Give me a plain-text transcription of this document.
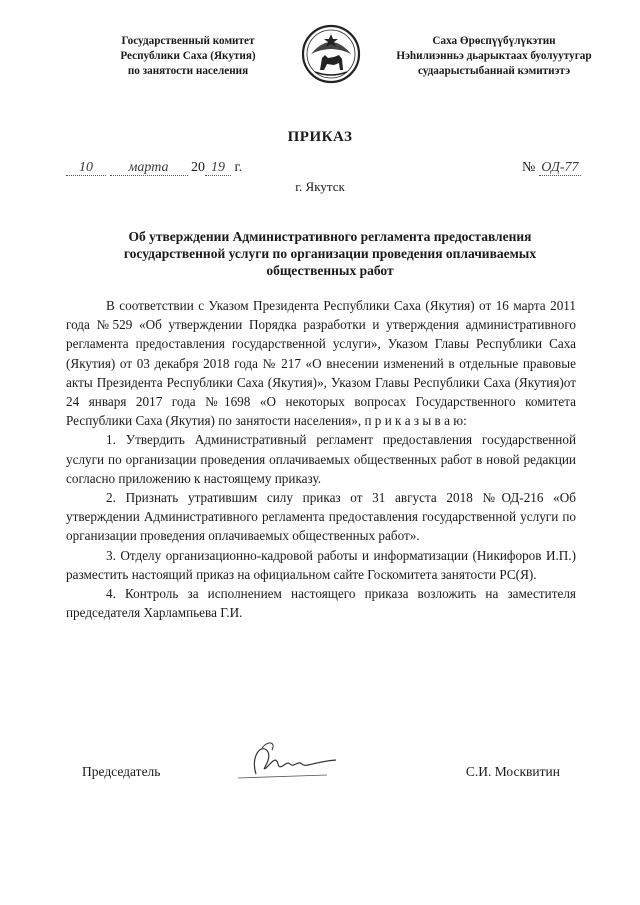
Государственный комитет
Республики Саха (Якутия)
по занятости населения
Саха Өрөспүүбүлүкэтин
Нэһилиэнньэ дьарыктаах буолуутугар
судаарыстыбаннай кэмитиэтэ
ПРИКАЗ
10	марта 20 19 г.	№ ОД-77
г. Якутск
Об утверждении Административного регламента предоставления государственной услуги по организации проведения оплачиваемых общественных работ

В соответствии с Указом Президента Республики Саха (Якутия) от 16 марта 2011 года №529 «Об утверждении Порядка разработки и утверждения административного регламента предоставления государственной услуги», Указом Главы Республики Саха (Якутия) от 03 декабря 2018 года № 217 «О внесении изменений в отдельные правовые акты Президента Республики Саха (Якутия)», Указом Главы Республики Саха (Якутия)от 24 января 2017 года №1698 «О некоторых вопросах Государственного комитета Республики Саха (Якутия) по занятости населения», п р и к а з ы в а ю:

1. Утвердить Административный регламент предоставления государственной услуги по организации проведения оплачиваемых общественных работ в новой редакции согласно приложению к настоящему приказу.

2. Признать утратившим силу приказ от 31 августа 2018 №ОД-216 «Об утверждении Административного регламента предоставления государственной услуги по организации проведения оплачиваемых общественных работ».

3. Отделу организационно-кадровой работы и информатизации (Никифоров И.П.) разместить настоящий приказ на официальном сайте Госкомитета занятости РС(Я).

4. Контроль за исполнением настоящего приказа возложить на заместителя председателя Харлампьева Г.И.

Председатель	С.И. Москвитин
